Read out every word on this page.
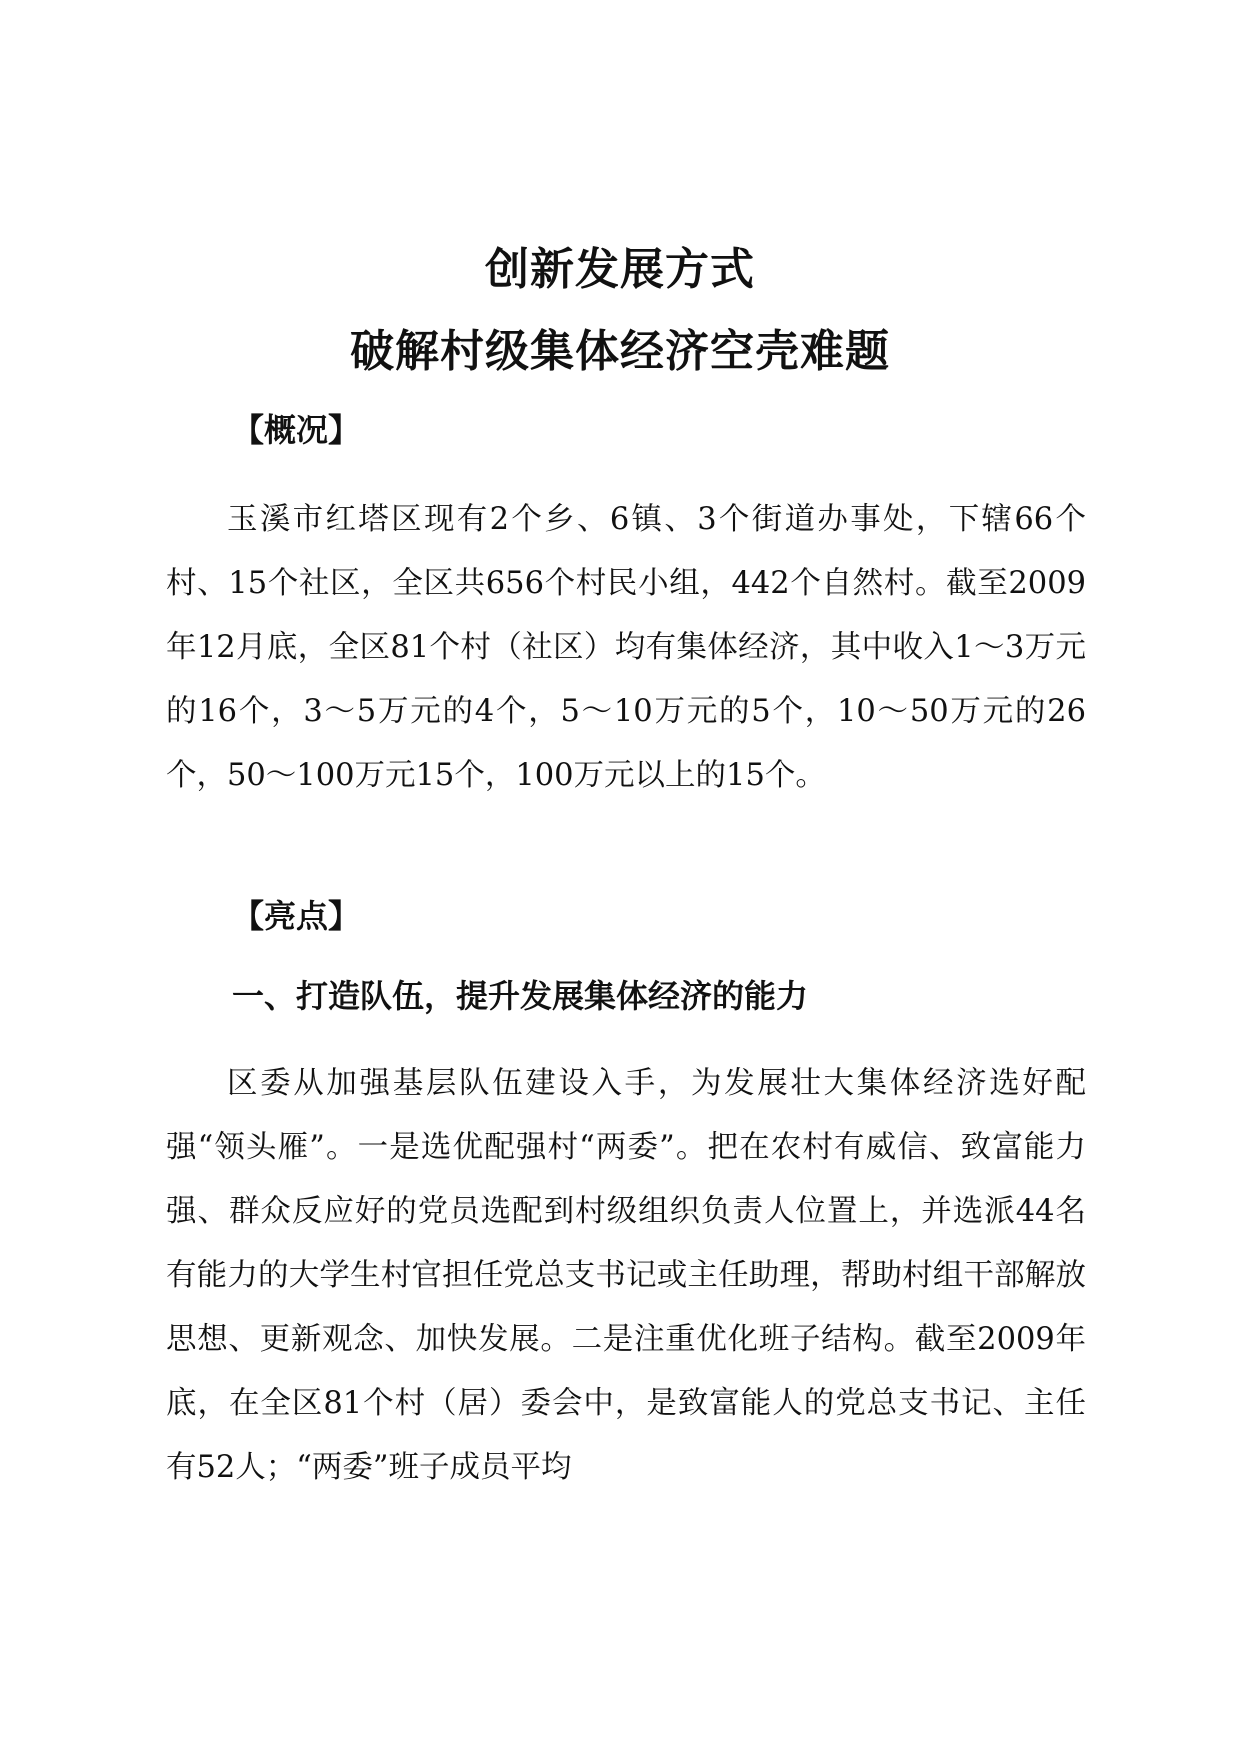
创新发展方式
破解村级集体经济空壳难题
【概况】

玉溪市红塔区现有2个乡、6镇、3个街道办事处，下辖66个村、15个社区，全区共656个村民小组，442个自然村。截至2009年12月底，全区81个村（社区）均有集体经济，其中收入1～3万元的16个，3～5万元的4个，5～10万元的5个，10～50万元的26个，50～100万元15个，100万元以上的15个。

【亮点】
一、打造队伍，提升发展集体经济的能力

区委从加强基层队伍建设入手，为发展壮大集体经济选好配强“领头雁”。一是选优配强村“两委”。把在农村有威信、致富能力强、群众反应好的党员选配到村级组织负责人位置上，并选派44名有能力的大学生村官担任党总支书记或主任助理，帮助村组干部解放思想、更新观念、加快发展。二是注重优化班子结构。截至2009年底，在全区81个村（居）委会中，是致富能人的党总支书记、主任有52人；“两委”班子成员平均
